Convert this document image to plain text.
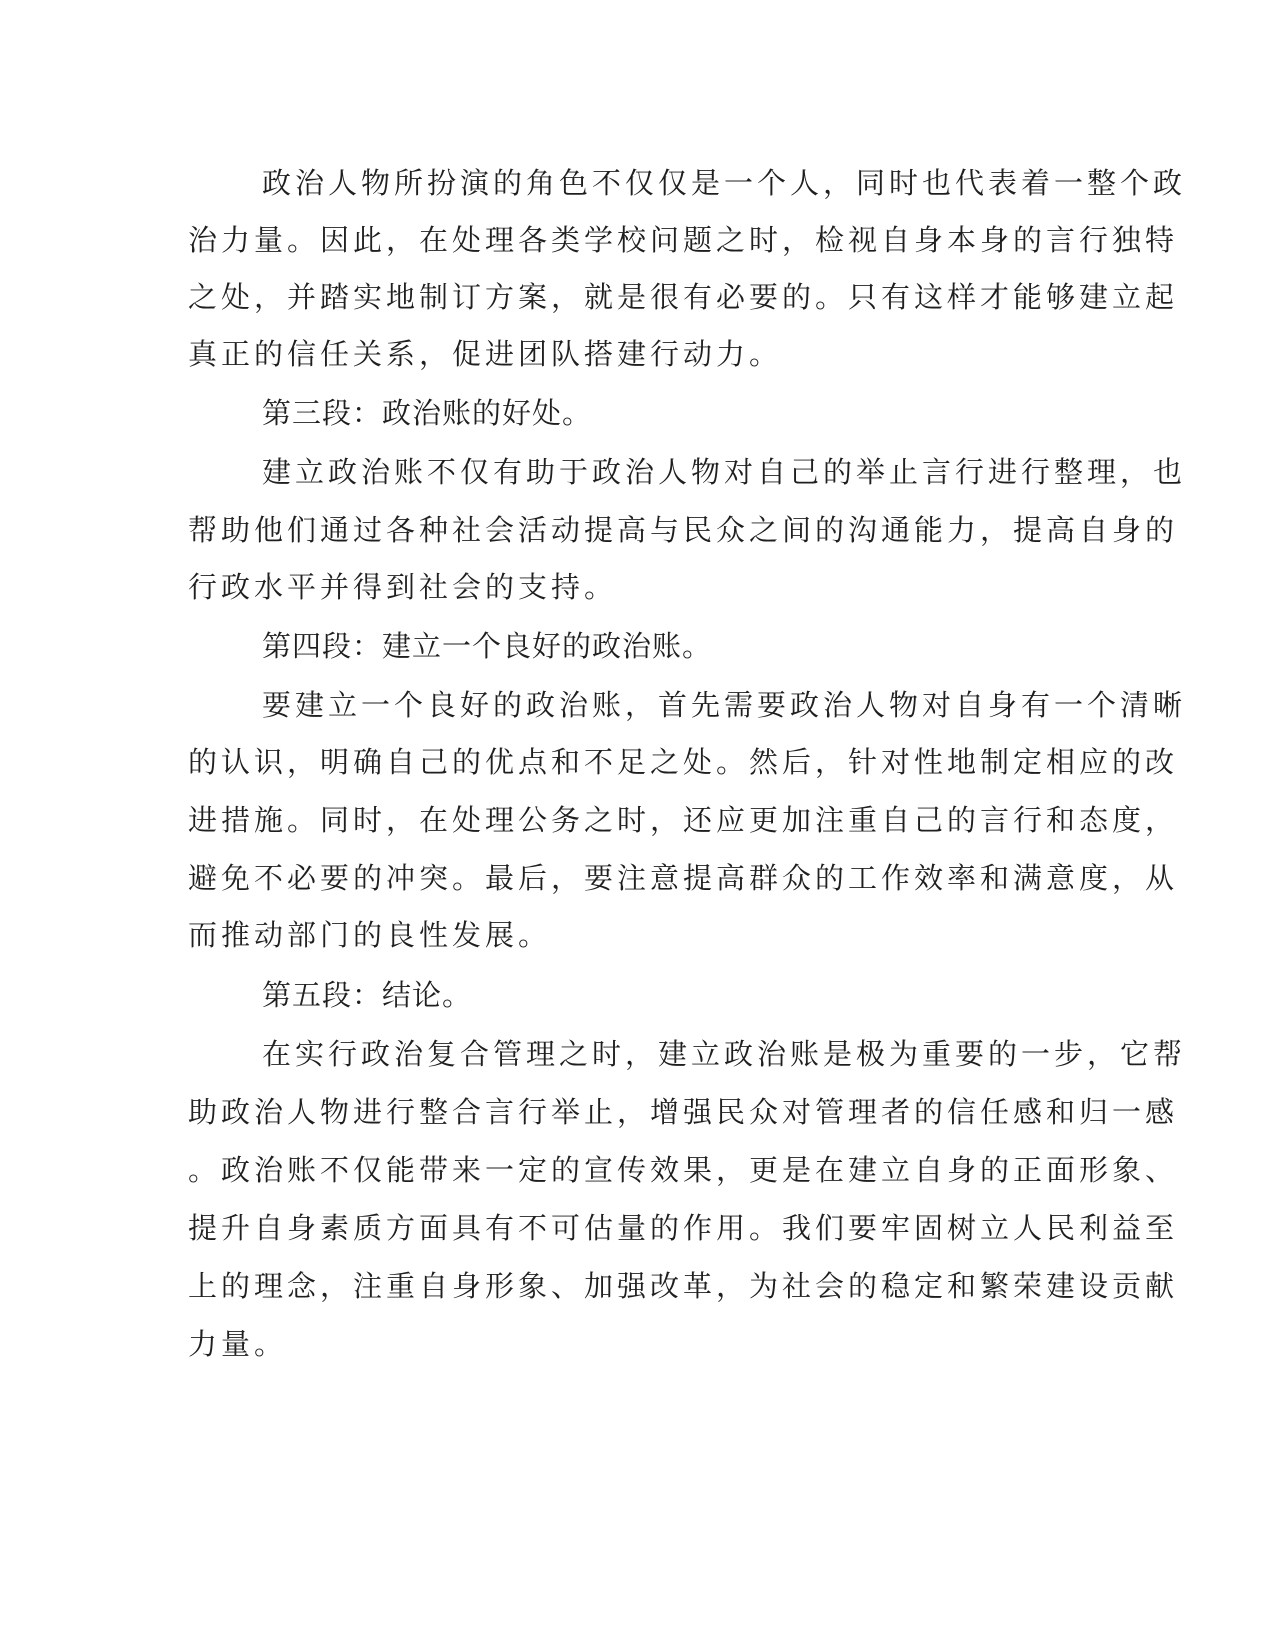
政治人物所扮演的角色不仅仅是一个人，同时也代表着一整个政
治力量。因此，在处理各类学校问题之时，检视自身本身的言行独特
之处，并踏实地制订方案，就是很有必要的。只有这样才能够建立起
真正的信任关系，促进团队搭建行动力。
第三段：政治账的好处。
建立政治账不仅有助于政治人物对自己的举止言行进行整理，也
帮助他们通过各种社会活动提高与民众之间的沟通能力，提高自身的
行政水平并得到社会的支持。
第四段：建立一个良好的政治账。
要建立一个良好的政治账，首先需要政治人物对自身有一个清晰
的认识，明确自己的优点和不足之处。然后，针对性地制定相应的改
进措施。同时，在处理公务之时，还应更加注重自己的言行和态度，
避免不必要的冲突。最后，要注意提高群众的工作效率和满意度，从
而推动部门的良性发展。
第五段：结论。
在实行政治复合管理之时，建立政治账是极为重要的一步，它帮
助政治人物进行整合言行举止，增强民众对管理者的信任感和归一感
。政治账不仅能带来一定的宣传效果，更是在建立自身的正面形象、
提升自身素质方面具有不可估量的作用。我们要牢固树立人民利益至
上的理念，注重自身形象、加强改革，为社会的稳定和繁荣建设贡献
力量。
